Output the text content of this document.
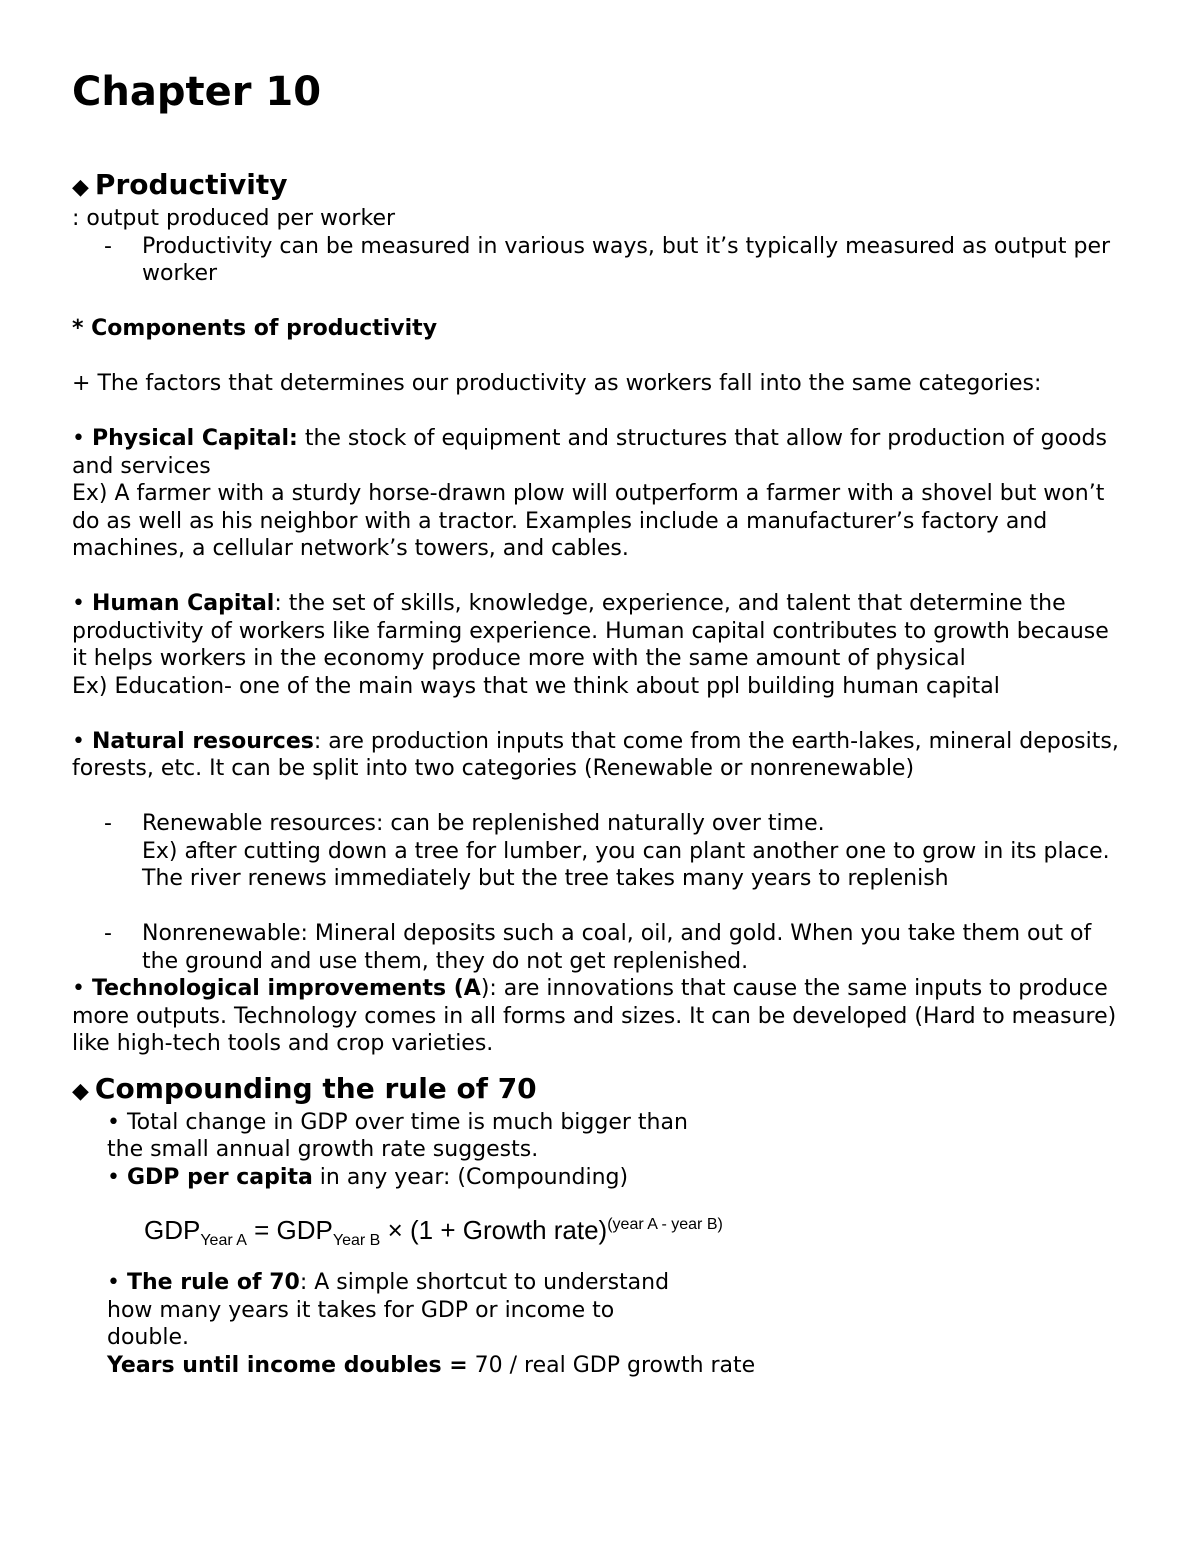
Chapter 10
◆ Productivity

: output produced per worker

- Productivity can be measured in various ways, but it’s typically measured as output per worker

* Components of productivity

+ The factors that determines our productivity as workers fall into the same categories:

• Physical Capital: the stock of equipment and structures that allow for production of goods and services

Ex) A farmer with a sturdy horse-drawn plow will outperform a farmer with a shovel but won’t do as well as his neighbor with a tractor. Examples include a manufacturer’s factory and machines, a cellular network’s towers, and cables.

• Human Capital: the set of skills, knowledge, experience, and talent that determine the productivity of workers like farming experience. Human capital contributes to growth because it helps workers in the economy produce more with the same amount of physical

Ex) Education- one of the main ways that we think about ppl building human capital

• Natural resources: are production inputs that come from the earth-lakes, mineral deposits, forests, etc. It can be split into two categories (Renewable or nonrenewable)

- Renewable resources: can be replenished naturally over time.
Ex) after cutting down a tree for lumber, you can plant another one to grow in its place. The river renews immediately but the tree takes many years to replenish

- Nonrenewable: Mineral deposits such a coal, oil, and gold. When you take them out of the ground and use them, they do not get replenished.

• Technological improvements (A): are innovations that cause the same inputs to produce more outputs. Technology comes in all forms and sizes. It can be developed (Hard to measure) like high-tech tools and crop varieties.

◆ Compounding the rule of 70

• Total change in GDP over time is much bigger than
the small annual growth rate suggests.

• GDP per capita in any year: (Compounding)

$GDP_{Year A} = GDP_{Year B} \times (1$ + Growth rate)$^{(year A - year B)}$

• The rule of 70: A simple shortcut to understand
how many years it takes for GDP or income to
double.

Years until income doubles = 70 / real GDP growth rate
